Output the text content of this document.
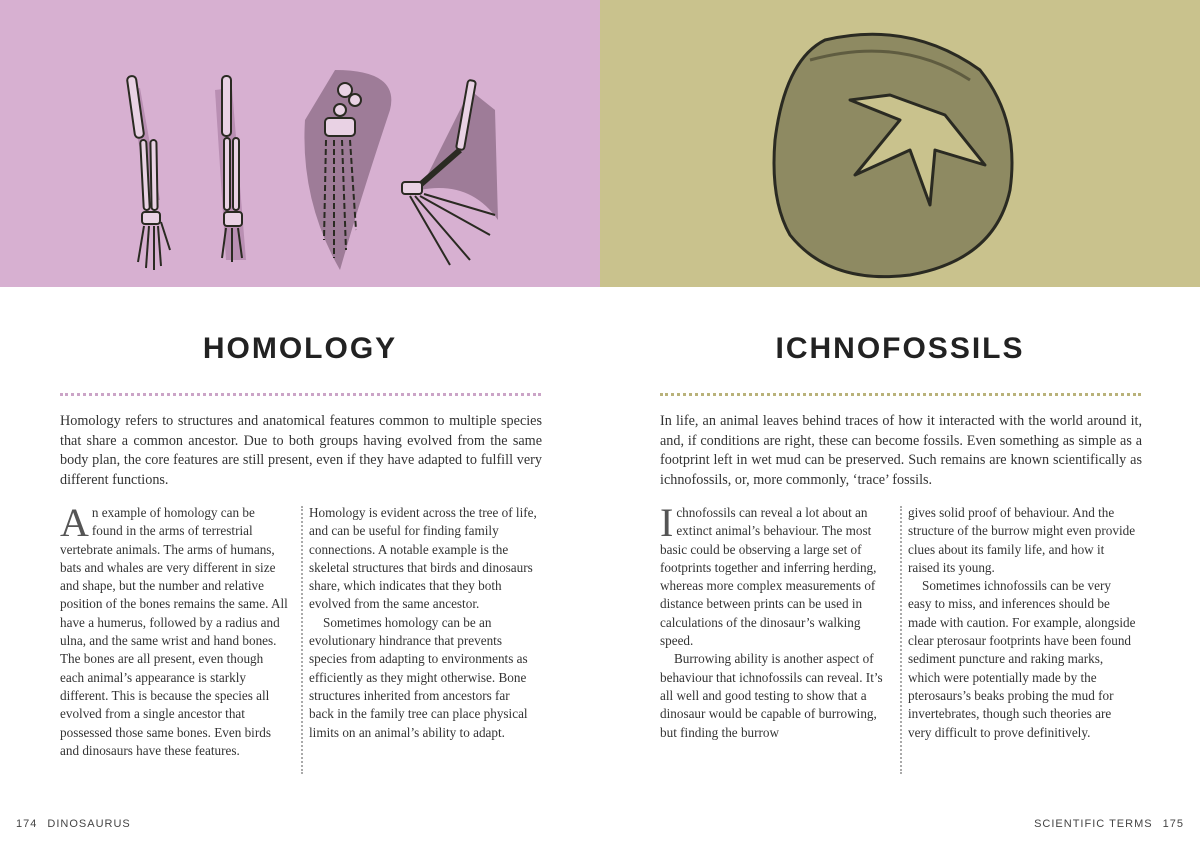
HOMOLOGY
Homology refers to structures and anatomical features common to multiple species that share a common ancestor. Due to both groups having evolved from the same body plan, the core features are still present, even if they have adapted to fulfill very different functions.

An example of homology can be found in the arms of terrestrial vertebrate animals. The arms of humans, bats and whales are very different in size and shape, but the number and relative position of the bones remains the same. All have a humerus, followed by a radius and ulna, and the same wrist and hand bones. The bones are all present, even though each animal’s appearance is starkly different. This is because the species all evolved from a single ancestor that possessed those same bones. Even birds and dinosaurs have these features.

Homology is evident across the tree of life, and can be useful for finding family connections. A notable example is the skeletal structures that birds and dinosaurs share, which indicates that they both evolved from the same ancestor.

Sometimes homology can be an evolutionary hindrance that prevents species from adapting to environments as efficiently as they might otherwise. Bone structures inherited from ancestors far back in the family tree can place physical limits on an animal’s ability to adapt.

174 DINOSAURUS
ICHNOFOSSILS
In life, an animal leaves behind traces of how it interacted with the world around it, and, if conditions are right, these can become fossils. Even something as simple as a footprint left in wet mud can be preserved. Such remains are known scientifically as ichnofossils, or, more commonly, ‘trace’ fossils.

Ichnofossils can reveal a lot about an extinct animal’s behaviour. The most basic could be observing a large set of footprints together and inferring herding, whereas more complex measurements of distance between prints can be used in calculations of the dinosaur’s walking speed.

Burrowing ability is another aspect of behaviour that ichnofossils can reveal. It’s all well and good testing to show that a dinosaur would be capable of burrowing, but finding the burrow

gives solid proof of behaviour. And the structure of the burrow might even provide clues about its family life, and how it raised its young.

Sometimes ichnofossils can be very easy to miss, and inferences should be made with caution. For example, alongside clear pterosaur footprints have been found sediment puncture and raking marks, which were potentially made by the pterosaurs’s beaks probing the mud for invertebrates, though such theories are very difficult to prove definitively.

SCIENTIFIC TERMS 175
